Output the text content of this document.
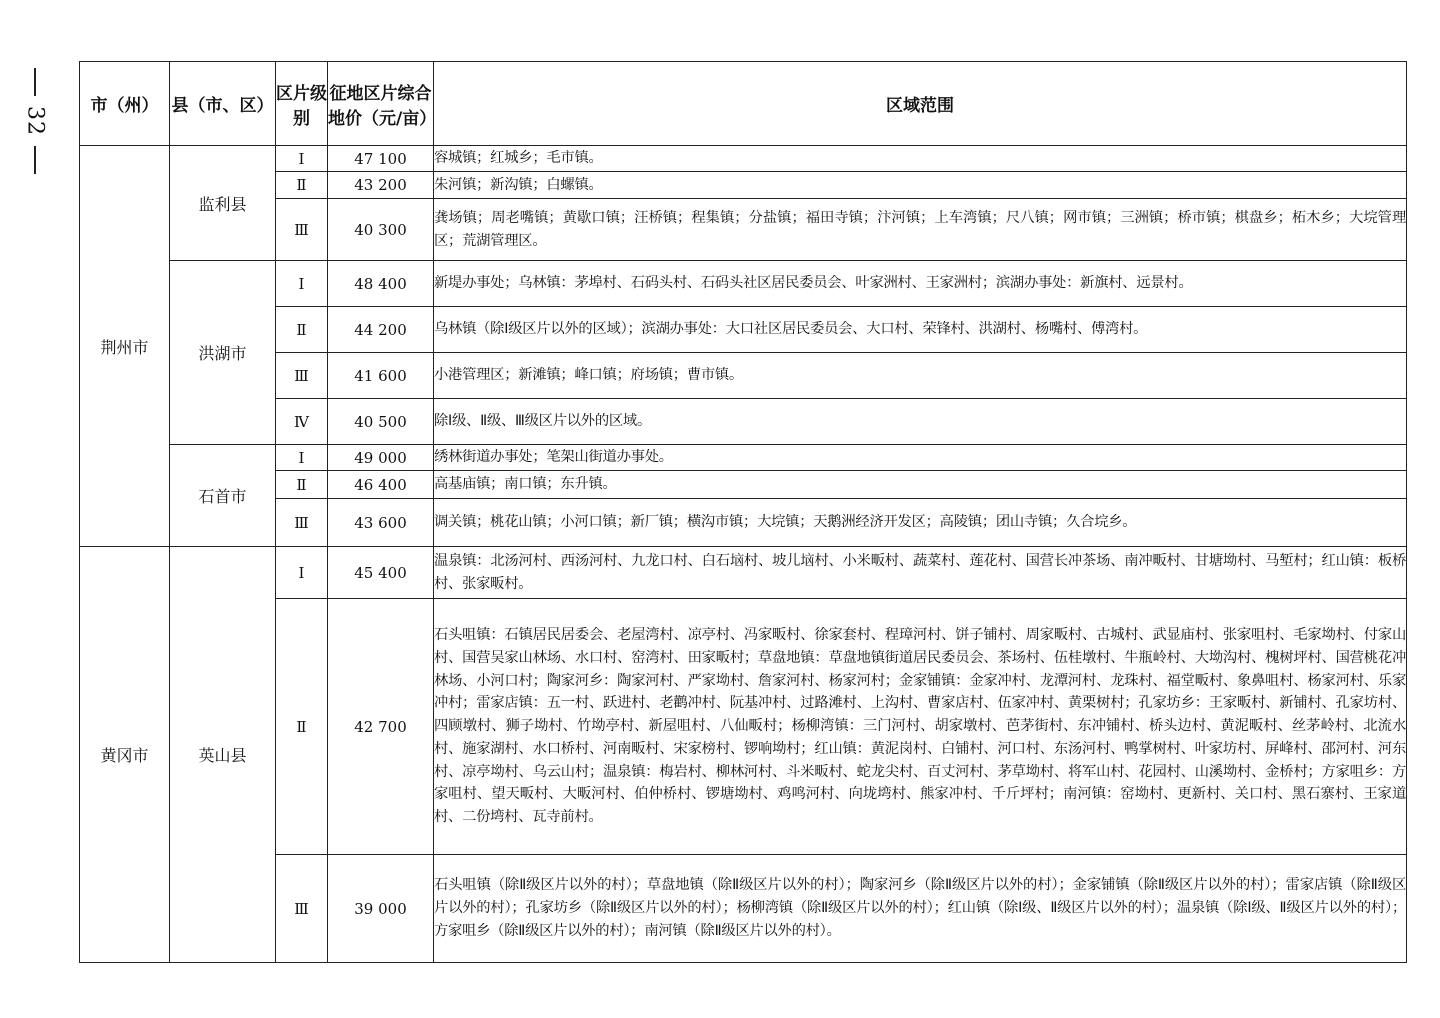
32	市（州）	县（市、区）	区片级别	征地区片综合地价（元/亩）	区域范围
荆州市	监利县	Ⅰ	47 100	容城镇；红城乡；毛市镇。
		Ⅱ	43 200	朱河镇；新沟镇；白螺镇。
		Ⅲ	40 300	龚场镇；周老嘴镇；黄歇口镇；汪桥镇；程集镇；分盐镇；福田寺镇；汴河镇；上车湾镇；尺八镇；网市镇；三洲镇；桥市镇；棋盘乡；柘木乡；大垸管理区；荒湖管理区。
	洪湖市	Ⅰ	48 400	新堤办事处；乌林镇：茅埠村、石码头村、石码头社区居民委员会、叶家洲村、王家洲村；滨湖办事处：新旗村、远景村。
		Ⅱ	44 200	乌林镇（除Ⅰ级区片以外的区域）；滨湖办事处：大口社区居民委员会、大口村、荣锋村、洪湖村、杨嘴村、傅湾村。
		Ⅲ	41 600	小港管理区；新滩镇；峰口镇；府场镇；曹市镇。
		Ⅳ	40 500	除Ⅰ级、Ⅱ级、Ⅲ级区片以外的区域。
	石首市	Ⅰ	49 000	绣林街道办事处；笔架山街道办事处。
		Ⅱ	46 400	高基庙镇；南口镇；东升镇。
		Ⅲ	43 600	调关镇；桃花山镇；小河口镇；新厂镇；横沟市镇；大垸镇；天鹅洲经济开发区；高陵镇；团山寺镇；久合垸乡。
黄冈市	英山县	Ⅰ	45 400	温泉镇：北汤河村、西汤河村、九龙口村、白石垴村、坡儿垴村、小米畈村、蔬菜村、莲花村、国营长冲茶场、南冲畈村、甘塘坳村、马堑村；红山镇：板桥村、张家畈村。
		Ⅱ	42 700	石头咀镇：石镇居民居委会、老屋湾村、凉亭村、冯家畈村、徐家套村、程璋河村、饼子铺村、周家畈村、古城村、武显庙村、张家咀村、毛家坳村、付家山村、国营吴家山林场、水口村、窑湾村、田家畈村；草盘地镇：草盘地镇街道居民委员会、茶场村、伍桂墩村、牛瓶岭村、大坳沟村、槐树坪村、国营桃花冲林场、小河口村；陶家河乡：陶家河村、严家坳村、詹家河村、杨家河村；金家铺镇：金家冲村、龙潭河村、龙珠村、福堂畈村、象鼻咀村、杨家河村、乐家冲村；雷家店镇：五一村、跃进村、老鹳冲村、阮基冲村、过路滩村、上沟村、曹家店村、伍家冲村、黄栗树村；孔家坊乡：王家畈村、新铺村、孔家坊村、四顾墩村、狮子坳村、竹坳亭村、新屋咀村、八仙畈村；杨柳湾镇：三门河村、胡家墩村、芭茅街村、东冲铺村、桥头边村、黄泥畈村、丝茅岭村、北流水村、施家湖村、水口桥村、河南畈村、宋家榜村、锣响坳村；红山镇：黄泥岗村、白铺村、河口村、东汤河村、鸭掌树村、叶家坊村、屏峰村、邵河村、河东村、凉亭坳村、乌云山村；温泉镇：梅岩村、柳林河村、斗米畈村、蛇龙尖村、百丈河村、茅草坳村、将军山村、花园村、山溪坳村、金桥村；方家咀乡：方家咀村、望天畈村、大畈河村、伯仲桥村、锣塘坳村、鸡鸣河村、向垅塆村、熊家冲村、千斤坪村；南河镇：窑坳村、更新村、关口村、黑石寨村、王家道村、二份塆村、瓦寺前村。
		Ⅲ	39 000	石头咀镇（除Ⅱ级区片以外的村）；草盘地镇（除Ⅱ级区片以外的村）；陶家河乡（除Ⅱ级区片以外的村）；金家铺镇（除Ⅱ级区片以外的村）；雷家店镇（除Ⅱ级区片以外的村）；孔家坊乡（除Ⅱ级区片以外的村）；杨柳湾镇（除Ⅱ级区片以外的村）；红山镇（除Ⅰ级、Ⅱ级区片以外的村）；温泉镇（除Ⅰ级、Ⅱ级区片以外的村）；方家咀乡（除Ⅱ级区片以外的村）；南河镇（除Ⅱ级区片以外的村）。
